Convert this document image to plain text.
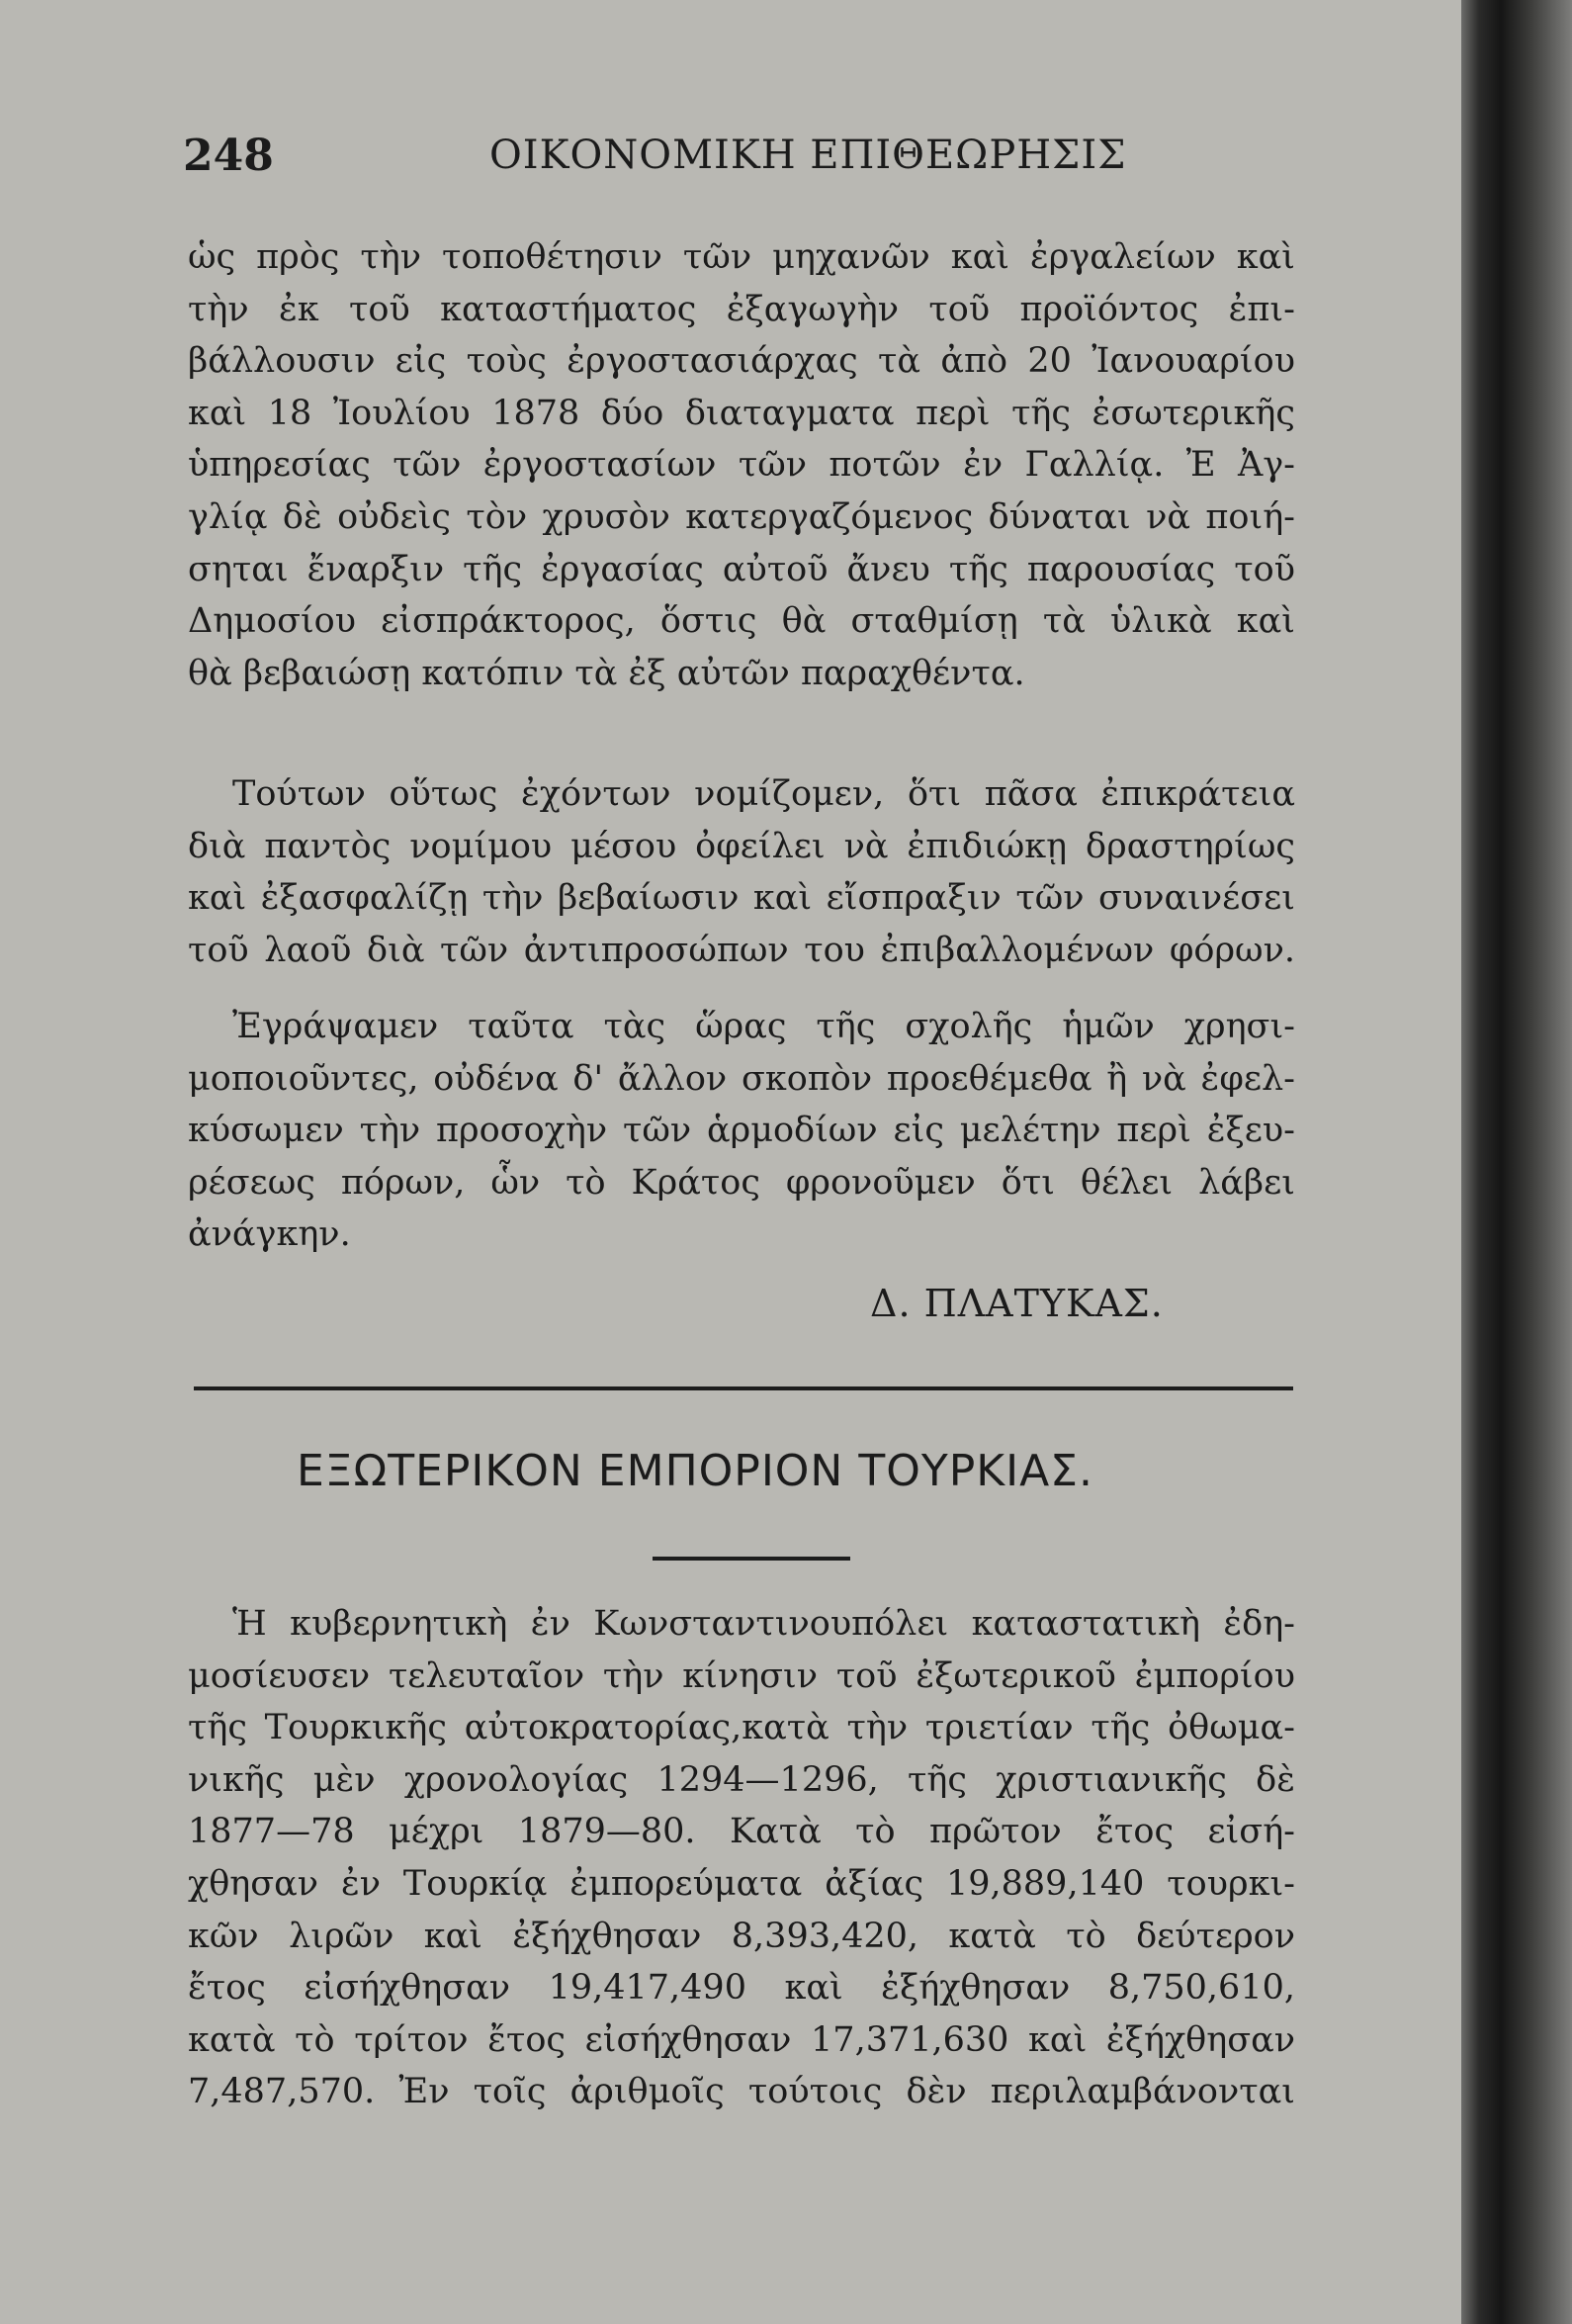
248	ΟΙΚΟΝΟΜΙΚΗ ΕΠΙΘΕΩΡΗΣΙΣ
ὡς πρὸς τὴν τοποθέτησιν τῶν μηχανῶν καὶ ἐργαλείων καὶ
τὴν ἐκ τοῦ καταστήματος ἐξαγωγὴν τοῦ προϊόντος ἐπι-
βάλλουσιν εἰς τοὺς ἐργοστασιάρχας τὰ ἀπὸ 20 Ἰανουαρίου
καὶ 18 Ἰουλίου 1878 δύο διαταγματα περὶ τῆς ἐσωτερικῆς
ὑπηρεσίας τῶν ἐργοστασίων τῶν ποτῶν ἐν Γαλλίᾳ. Ἐ Ἀγ-
γλίᾳ δὲ οὐδεὶς τὸν χρυσὸν κατεργαζόμενος δύναται νὰ ποιή-
σηται ἔναρξιν τῆς ἐργασίας αὐτοῦ ἄνευ τῆς παρουσίας τοῦ
Δημοσίου εἰσπράκτορος, ὅστις θὰ σταθμίσῃ τὰ ὑλικὰ καὶ
θὰ βεβαιώσῃ κατόπιν τὰ ἐξ αὐτῶν παραχθέντα.
Τούτων οὕτως ἐχόντων νομίζομεν, ὅτι πᾶσα ἐπικράτεια
διὰ παντὸς νομίμου μέσου ὀφείλει νὰ ἐπιδιώκῃ δραστηρίως
καὶ ἐξασφαλίζῃ τὴν βεβαίωσιν καὶ εἴσπραξιν τῶν συναινέσει
τοῦ λαοῦ διὰ τῶν ἀντιπροσώπων του ἐπιβαλλομένων φόρων.
Ἐγράψαμεν ταῦτα τὰς ὥρας τῆς σχολῆς ἡμῶν χρησι-
μοποιοῦντες, οὐδένα δ' ἄλλον σκοπὸν προεθέμεθα ἢ νὰ ἐφελ-
κύσωμεν τὴν προσοχὴν τῶν ἁρμοδίων εἰς μελέτην περὶ ἐξευ-
ρέσεως πόρων, ὧν τὸ Κράτος φρονοῦμεν ὅτι θέλει λάβει
ἀνάγκην.
Δ. ΠΛΑΤΥΚΑΣ.
ΕΞΩΤΕΡΙΚΟΝ ΕΜΠΟΡΙΟΝ ΤΟΥΡΚΙΑΣ.
Ἡ κυβερνητικὴ ἐν Κωνσταντινουπόλει καταστατικὴ ἐδη-
μοσίευσεν τελευταῖον τὴν κίνησιν τοῦ ἐξωτερικοῦ ἐμπορίου
τῆς Τουρκικῆς αὐτοκρατορίας,κατὰ τὴν τριετίαν τῆς ὀθωμα-
νικῆς μὲν χρονολογίας 1294—1296, τῆς χριστιανικῆς δὲ
1877—78 μέχρι 1879—80. Κατὰ τὸ πρῶτον ἔτος εἰσή-
χθησαν ἐν Τουρκίᾳ ἐμπορεύματα ἀξίας 19,889,140 τουρκι-
κῶν λιρῶν καὶ ἐξήχθησαν 8,393,420, κατὰ τὸ δεύτερον
ἔτος εἰσήχθησαν 19,417,490 καὶ ἐξήχθησαν 8,750,610,
κατὰ τὸ τρίτον ἔτος εἰσήχθησαν 17,371,630 καὶ ἐξήχθησαν
7,487,570. Ἐν τοῖς ἀριθμοῖς τούτοις δὲν περιλαμβάνονται
